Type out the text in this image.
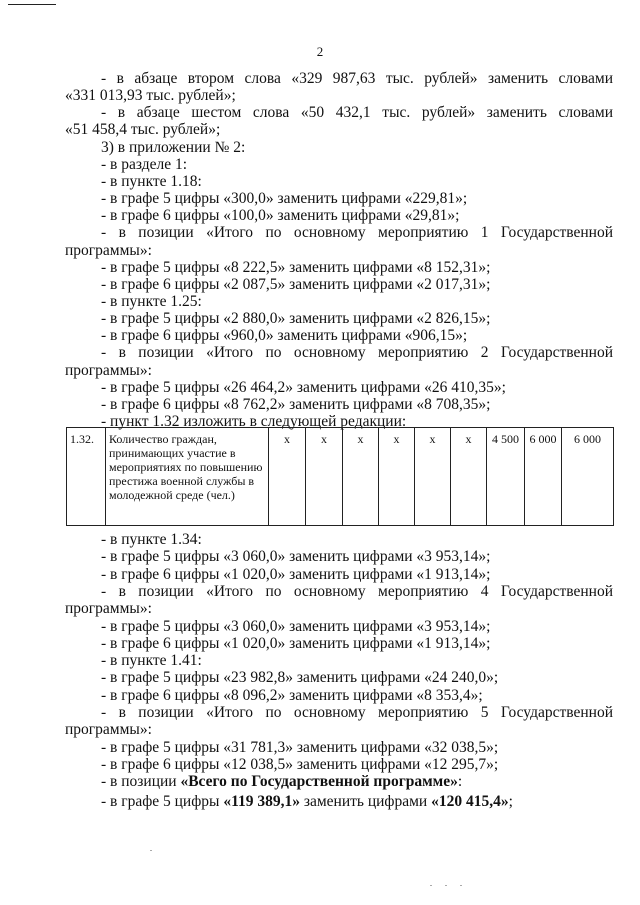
2
- в абзаце втором слова «329 987,63 тыс. рублей» заменить словами
«331 013,93 тыс. рублей»;
- в абзаце шестом слова «50 432,1 тыс. рублей» заменить словами
«51 458,4 тыс. рублей»;
3) в приложении № 2:
- в разделе 1:
- в пункте 1.18:
- в графе 5 цифры «300,0» заменить цифрами «229,81»;
- в графе 6 цифры «100,0» заменить цифрами «29,81»;
- в позиции «Итого по основному мероприятию 1 Государственной
программы»:
- в графе 5 цифры «8 222,5» заменить цифрами «8 152,31»;
- в графе 6 цифры «2 087,5» заменить цифрами «2 017,31»;
- в пункте 1.25:
- в графе 5 цифры «2 880,0» заменить цифрами «2 826,15»;
- в графе 6 цифры «960,0» заменить цифрами «906,15»;
- в позиции «Итого по основному мероприятию 2 Государственной
программы»:
- в графе 5 цифры «26 464,2» заменить цифрами «26 410,35»;
- в графе 6 цифры «8 762,2» заменить цифрами «8 708,35»;
- пункт 1.32 изложить в следующей редакции:
1.32.	Количество граждан, принимающих участие в мероприятиях по повышению престижа военной службы в молодежной среде (чел.)	x	x	x	x	x	x	4 500	6 000	6 000
- в пункте 1.34:
- в графе 5 цифры «3 060,0» заменить цифрами «3 953,14»;
- в графе 6 цифры «1 020,0» заменить цифрами «1 913,14»;
- в позиции «Итого по основному мероприятию 4 Государственной
программы»:
- в графе 5 цифры «3 060,0» заменить цифрами «3 953,14»;
- в графе 6 цифры «1 020,0» заменить цифрами «1 913,14»;
- в пункте 1.41:
- в графе 5 цифры «23 982,8» заменить цифрами «24 240,0»;
- в графе 6 цифры «8 096,2» заменить цифрами «8 353,4»;
- в позиции «Итого по основному мероприятию 5 Государственной
программы»:
- в графе 5 цифры «31 781,3» заменить цифрами «32 038,5»;
- в графе 6 цифры «12 038,5» заменить цифрами «12 295,7»;
- в позиции «Всего по Государственной программе»:
- в графе 5 цифры «119 389,1» заменить цифрами «120 415,4»;
